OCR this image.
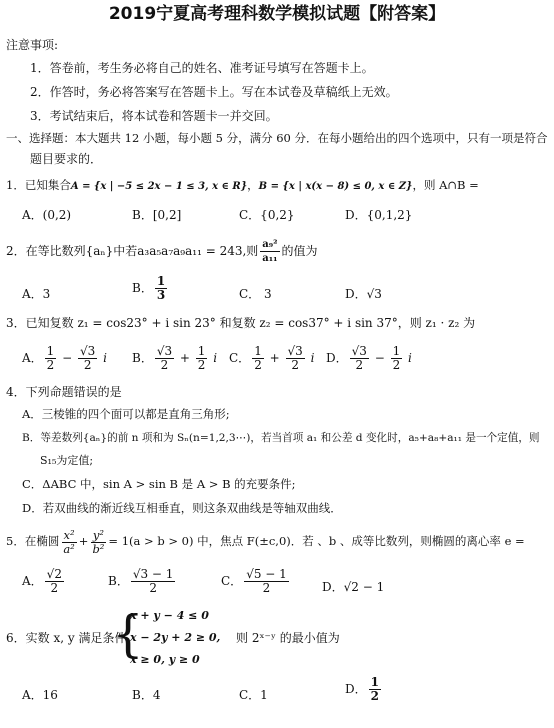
2019宁夏高考理科数学模拟试题【附答案】
注意事项:
1．答卷前，考生务必将自己的姓名、准考证号填写在答题卡上。
2．作答时，务必将答案写在答题卡上。写在本试卷及草稿纸上无效。
3．考试结束后，将本试卷和答题卡一并交回。
一、选择题：本大题共 12 小题，每小题 5 分，满分 60 分．在每小题给出的四个选项中，只有一项是符合
题目要求的．
1．已知集合A = {x | −5 ≤ 2x − 1 ≤ 3, x ∈ R}，B = {x | x(x − 8) ≤ 0, x ∈ Z}，则 A∩B =
A．(0,2)	B．[0,2]	C．{0,2}	D．{0,1,2}
2．在等比数列{aₙ}中若a₃a₅a₇a₉a₁₁ = 243,则 $\frac{\text{a₉²}}{\text{a₁₁}}$ 的值为
A．3	B． $\frac{1}{3}$	C． 3	D．√3
3．已知复数 z₁ = cos23° + i sin 23° 和复数 z₂ = cos37° + i sin 37°，则 z₁ · z₂ 为
A． $\frac{1}{2} - \frac{√3}{2}$ i B． $\frac{√3}{2} + \frac{1}{2}$ i C． $\frac{1}{2} + \frac{√3}{2}$ i D． $\frac{√3}{2} - \frac{1}{2}$ i
4．下列命题错误的是
A．三棱锥的四个面可以都是直角三角形;
B．等差数列{aₙ}的前 n 项和为 Sₙ(n=1,2,3⋯)，若当首项 a₁ 和公差 d 变化时，a₅+a₈+a₁₁ 是一个定值，则
S₁₅为定值;
C．ΔABC 中，sin A > sin B 是 A > B 的充要条件;
D．若双曲线的渐近线互相垂直，则这条双曲线是等轴双曲线．
5．在椭圆 $\frac{\text{x²}}{\text{a²}} + \frac{\text{y²}}{\text{b²}} = 1(a > b > 0)$ 中，焦点 F(±c,0)．若 、b 、成等比数列，则椭圆的离心率 e =
A． $\frac{√2}{2}$	B． $\frac{√3 - 1}{2}$	C． $\frac{√5 - 1}{2}$	D．√2 − 1
6．实数 x, y 满足条件
{
x + y − 4 ≤ 0
x − 2y + 2 ≥ 0, 则 2ˣ⁻ʸ 的最小值为
x ≥ 0, y ≥ 0
A．16	B．4	C．1	D． $\frac{1}{2}$
